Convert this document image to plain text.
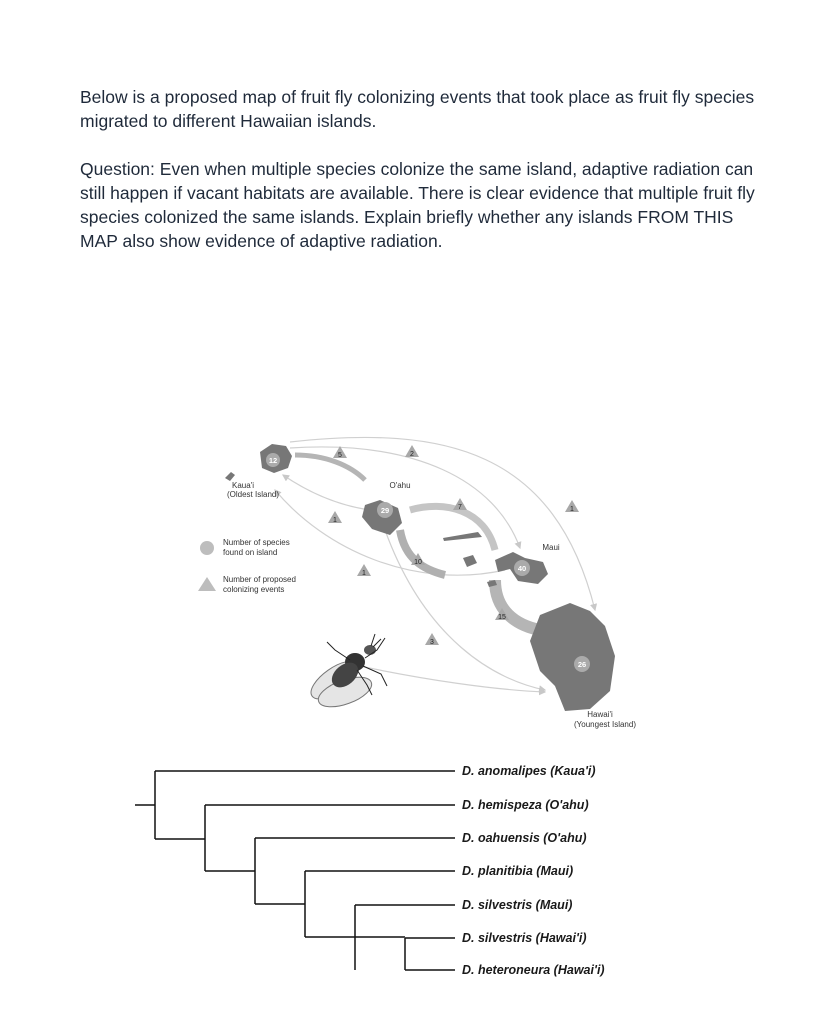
Below is a proposed map of fruit fly colonizing events that took place as fruit fly species migrated to different Hawaiian islands.

Question: Even when multiple species colonize the same island, adaptive radiation can still happen if vacant habitats are available. There is clear evidence that multiple fruit fly species colonized the same islands. Explain briefly whether any islands FROM THIS MAP also show evidence of adaptive radiation.

12
29
40
26
5	2
1
1
7
10
1
3
15
Kaua'i
(Oldest Island)
O'ahu
Maui
Hawai'i
(Youngest Island)
Number of species
found on island
Number of proposed
colonizing events
D. anomalipes (Kaua'i)
D. hemispeza (O'ahu)
D. oahuensis (O'ahu)
D. planitibia (Maui)
D. silvestris (Maui)
D. silvestris (Hawai'i)
D. heteroneura (Hawai'i)
